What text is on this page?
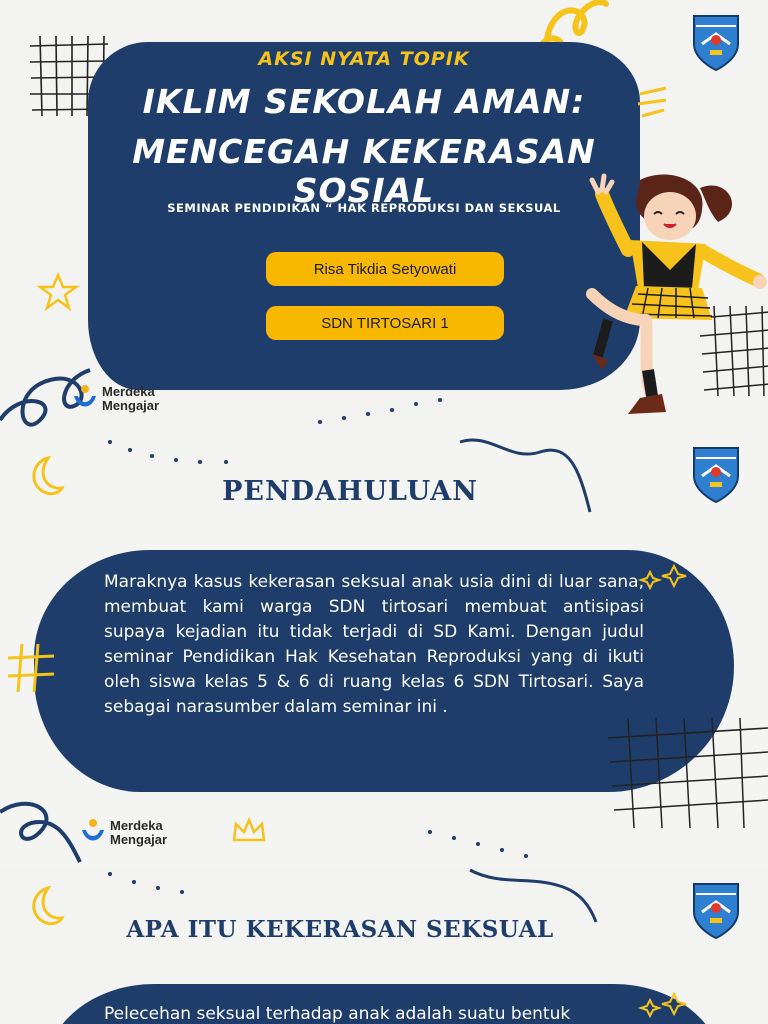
AKSI NYATA TOPIK
IKLIM SEKOLAH AMAN:
MENCEGAH KEKERASAN SOSIAL
SEMINAR PENDIDIKAN “ HAK REPRODUKSI DAN SEKSUAL
Risa Tikdia Setyowati
SDN TIRTOSARI 1
Merdeka
Mengajar
PENDAHULUAN
Maraknya kasus kekerasan seksual anak usia dini di luar sana, membuat kami warga SDN tirtosari membuat antisipasi supaya kejadian itu tidak terjadi di SD Kami. Dengan judul seminar Pendidikan Hak Kesehatan Reproduksi yang di ikuti oleh siswa kelas 5 & 6 di ruang kelas 6 SDN Tirtosari. Saya sebagai narasumber dalam seminar ini .
Merdeka
Mengajar
APA ITU KEKERASAN SEKSUAL
Pelecehan seksual terhadap anak adalah suatu bentuk
